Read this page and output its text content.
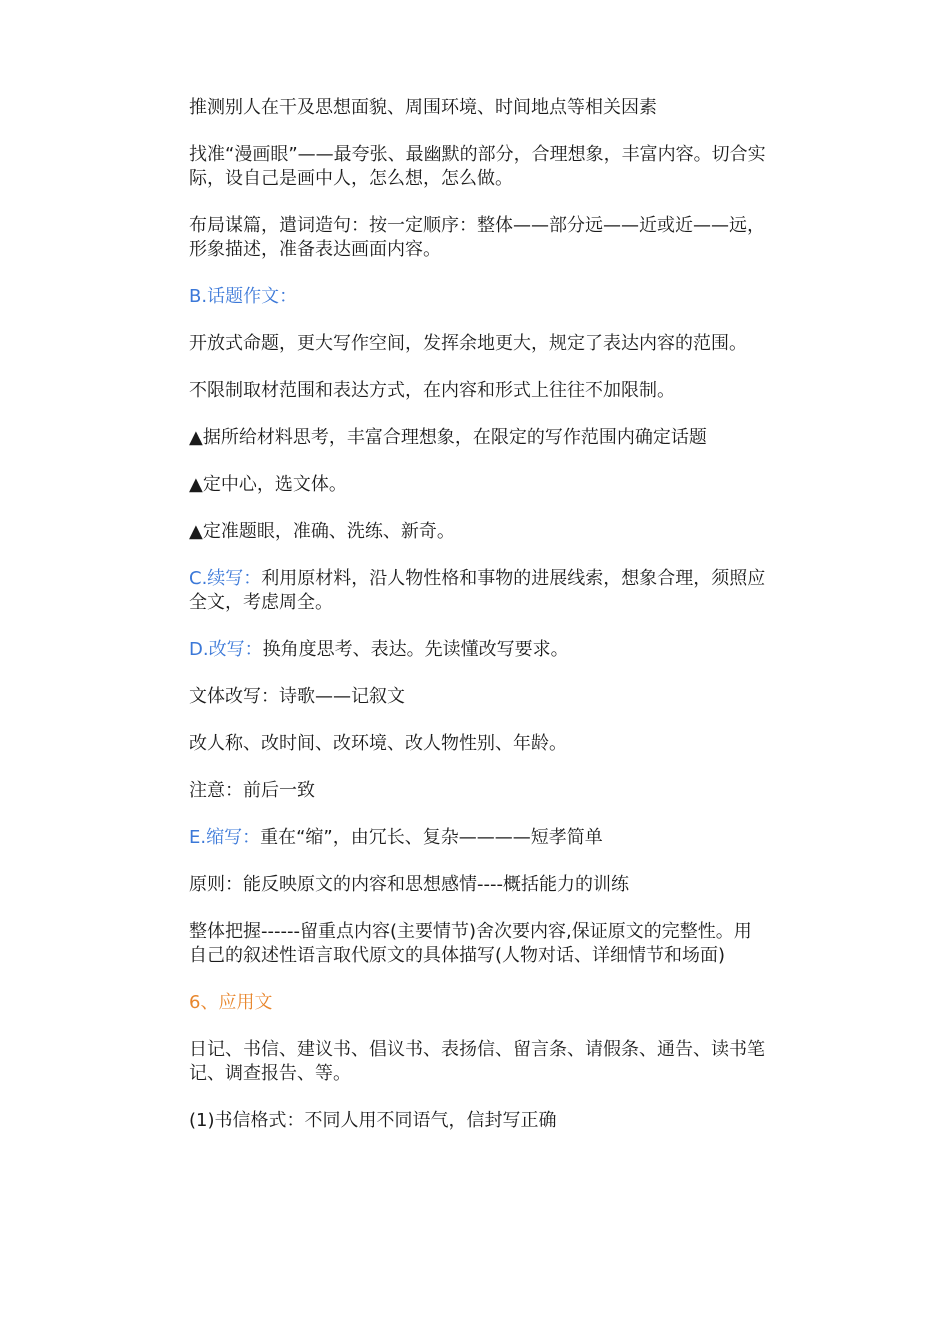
推测别人在干及思想面貌、周围环境、时间地点等相关因素

找准“漫画眼”——最夸张、最幽默的部分，合理想象，丰富内容。切合实际，设自己是画中人，怎么想，怎么做。

布局谋篇，遣词造句：按一定顺序：整体——部分远——近或近——远，形象描述，准备表达画面内容。

B.话题作文：

开放式命题，更大写作空间，发挥余地更大，规定了表达内容的范围。

不限制取材范围和表达方式，在内容和形式上往往不加限制。

▲据所给材料思考，丰富合理想象，在限定的写作范围内确定话题

▲定中心，选文体。

▲定准题眼，准确、洗练、新奇。

C.续写：利用原材料，沿人物性格和事物的进展线索，想象合理，须照应全文，考虑周全。

D.改写：换角度思考、表达。先读懂改写要求。

文体改写：诗歌——记叙文

改人称、改时间、改环境、改人物性别、年龄。

注意：前后一致

E.缩写：重在“缩”，由冗长、复杂————短孝简单

原则：能反映原文的内容和思想感情----概括能力的训练

整体把握------留重点内容(主要情节)舍次要内容,保证原文的完整性。用自己的叙述性语言取代原文的具体描写(人物对话、详细情节和场面)

6、应用文

日记、书信、建议书、倡议书、表扬信、留言条、请假条、通告、读书笔记、调查报告、等。

(1)书信格式：不同人用不同语气，信封写正确
